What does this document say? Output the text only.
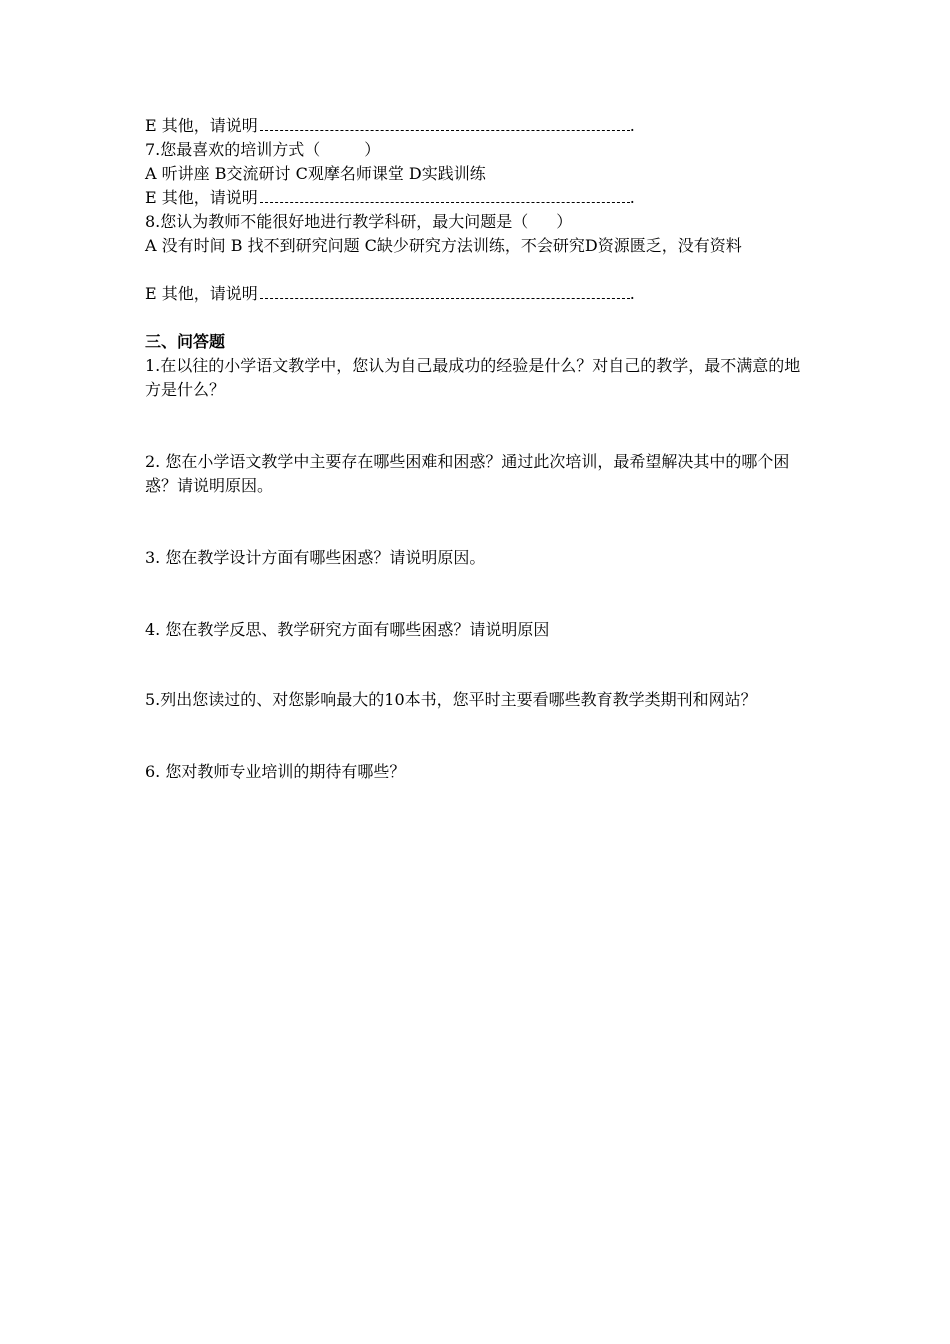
E 其他，请说明	.
7.您最喜欢的培训方式（	）
A 听讲座 B交流研讨 C观摩名师课堂 D实践训练
E 其他，请说明	.
8.您认为教师不能很好地进行教学科研，最大问题是（ ）
A 没有时间 B 找不到研究问题 C缺少研究方法训练，不会研究D资源匮乏，没有资料
E 其他，请说明	.
三、问答题
1.在以往的小学语文教学中，您认为自己最成功的经验是什么？对自己的教学，最不满意的地方是什么？
2. 您在小学语文教学中主要存在哪些困难和困惑？通过此次培训，最希望解决其中的哪个困惑？请说明原因。
3. 您在教学设计方面有哪些困惑？请说明原因。
4. 您在教学反思、教学研究方面有哪些困惑？请说明原因
5.列出您读过的、对您影响最大的10本书，您平时主要看哪些教育教学类期刊和网站？
6. 您对教师专业培训的期待有哪些？
